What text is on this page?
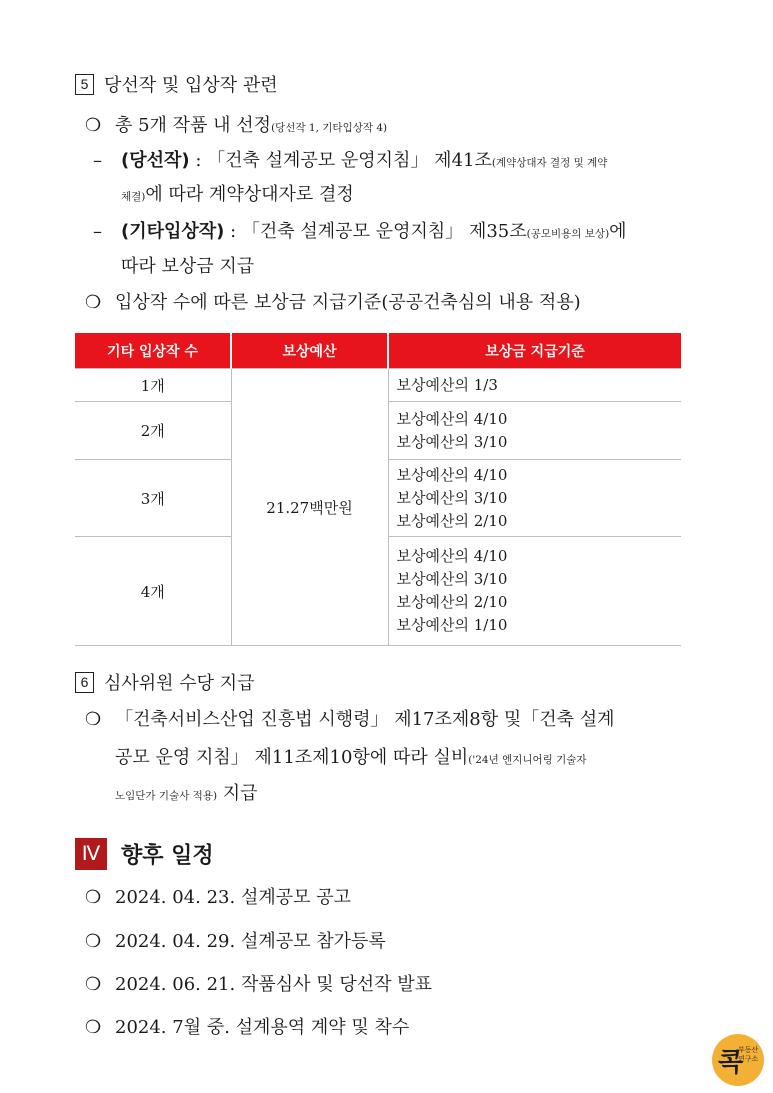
5 당선작 및 입상작 관련
❍ 총 5개 작품 내 선정(당선작 1, 기타입상작 4)
– (당선작) : 「건축 설계공모 운영지침」 제41조(계약상대자 결정 및 계약
체결)에 따라 계약상대자로 결정
– (기타입상작) : 「건축 설계공모 운영지침」 제35조(공모비용의 보상)에
따라 보상금 지급
❍ 입상작 수에 따른 보상금 지급기준(공공건축심의 내용 적용)
기타 입상작 수	보상예산	보상금 지급기준
1개	21.27백만원	보상예산의 1/3

2개		보상예산의 4/10
보상예산의 3/10

3개		보상예산의 4/10
보상예산의 3/10
보상예산의 2/10

4개		보상예산의 4/10
보상예산의 3/10
보상예산의 2/10
보상예산의 1/10
6 심사위원 수당 지급
❍ 「건축서비스산업 진흥법 시행령」 제17조제8항 및「건축 설계
공모 운영 지침」 제11조제10항에 따라 실비('24년 엔지니어링 기술자
노임단가 기술사 적용) 지급
Ⅳ 향후 일정
❍ 2024. 04. 23. 설계공모 공고
❍ 2024. 04. 29. 설계공모 참가등록
❍ 2024. 06. 21. 작품심사 및 당선작 발표
❍ 2024. 7월 중. 설계용역 계약 및 착수
콕
부동산 연구소
